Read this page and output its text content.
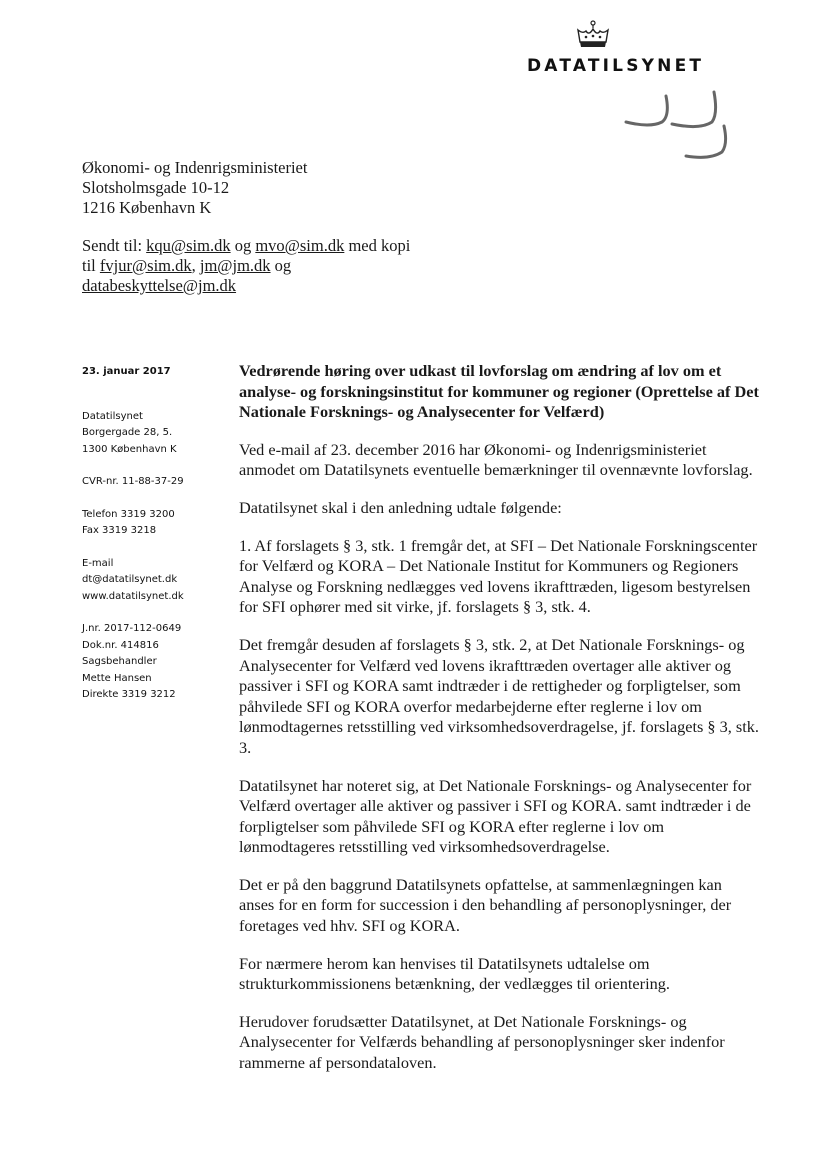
DATATILSYNET
Økonomi- og Indenrigsministeriet
Slotsholmsgade 10-12
1216 København K
Sendt til: kqu@sim.dk og mvo@sim.dk med kopi til fvjur@sim.dk, jm@jm.dk og databeskyttelse@jm.dk
23. januar 2017
Datatilsynet
Borgergade 28, 5.
1300 København K
CVR-nr. 11-88-37-29
Telefon 3319 3200
Fax 3319 3218
E-mail
dt@datatilsynet.dk
www.datatilsynet.dk
J.nr. 2017-112-0649
Dok.nr. 414816
Sagsbehandler
Mette Hansen
Direkte 3319 3212
Vedrørende høring over udkast til lovforslag om ændring af lov om et analyse- og forskningsinstitut for kommuner og regioner (Oprettelse af Det Nationale Forsknings- og Analysecenter for Velfærd)

Ved e-mail af 23. december 2016 har Økonomi- og Indenrigsministeriet anmodet om Datatilsynets eventuelle bemærkninger til ovennævnte lovforslag.

Datatilsynet skal i den anledning udtale følgende:

1. Af forslagets § 3, stk. 1 fremgår det, at SFI – Det Nationale Forskningscenter for Velfærd og KORA – Det Nationale Institut for Kommuners og Regioners Analyse og Forskning nedlægges ved lovens ikrafttræden, ligesom bestyrelsen for SFI ophører med sit virke, jf. forslagets § 3, stk. 4.

Det fremgår desuden af forslagets § 3, stk. 2, at Det Nationale Forsknings- og Analysecenter for Velfærd ved lovens ikrafttræden overtager alle aktiver og passiver i SFI og KORA samt indtræder i de rettigheder og forpligtelser, som påhvilede SFI og KORA overfor medarbejderne efter reglerne i lov om lønmodtagernes retsstilling ved virksomhedsoverdragelse, jf. forslagets § 3, stk. 3.

Datatilsynet har noteret sig, at Det Nationale Forsknings- og Analysecenter for Velfærd overtager alle aktiver og passiver i SFI og KORA. samt indtræder i de forpligtelser som påhvilede SFI og KORA efter reglerne i lov om lønmodtageres retsstilling ved virksomhedsoverdragelse.

Det er på den baggrund Datatilsynets opfattelse, at sammenlægningen kan anses for en form for succession i den behandling af personoplysninger, der foretages ved hhv. SFI og KORA.

For nærmere herom kan henvises til Datatilsynets udtalelse om strukturkommissionens betænkning, der vedlægges til orientering.

Herudover forudsætter Datatilsynet, at Det Nationale Forsknings- og Analysecenter for Velfærds behandling af personoplysninger sker indenfor rammerne af persondataloven.
